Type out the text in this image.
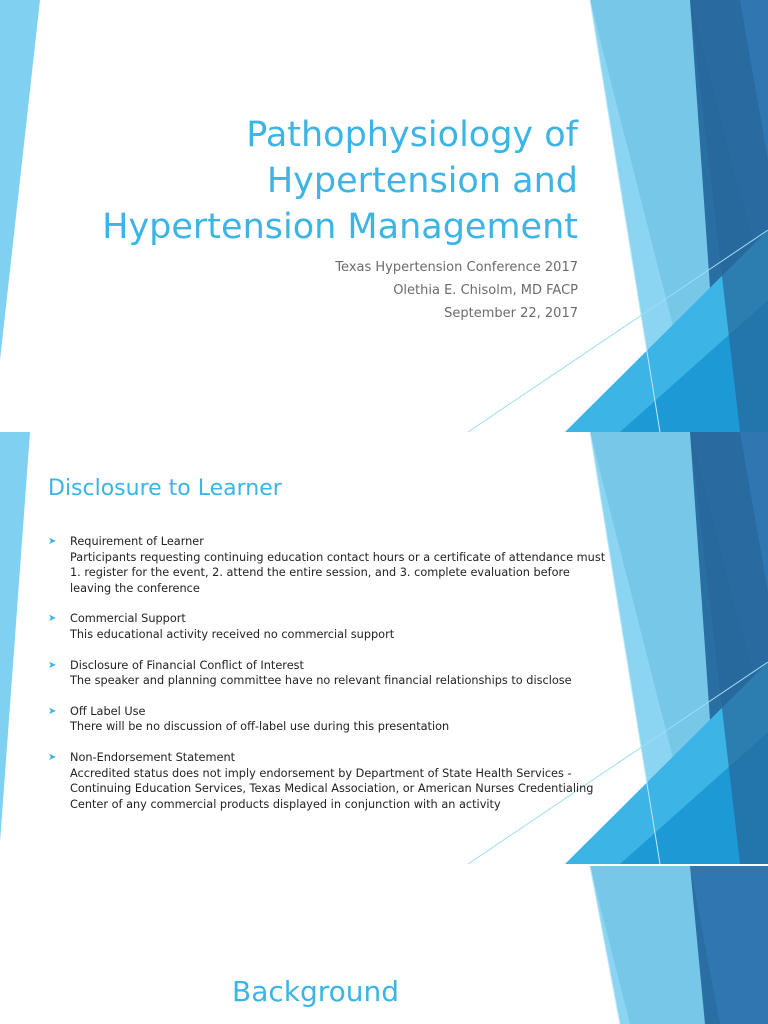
Pathophysiology of
Hypertension and
Hypertension Management
Texas Hypertension Conference 2017
Olethia E. Chisolm, MD FACP
September 22, 2017
Disclosure to Learner
➤ Requirement of Learner
Participants requesting continuing education contact hours or a certificate of attendance must 1. register for the event, 2. attend the entire session, and 3. complete evaluation before leaving the conference
➤ Commercial Support
This educational activity received no commercial support
➤ Disclosure of Financial Conflict of Interest
The speaker and planning committee have no relevant financial relationships to disclose
➤ Off Label Use
There will be no discussion of off-label use during this presentation
➤ Non-Endorsement Statement
Accredited status does not imply endorsement by Department of State Health Services - Continuing Education Services, Texas Medical Association, or American Nurses Credentialing Center of any commercial products displayed in conjunction with an activity
Background
